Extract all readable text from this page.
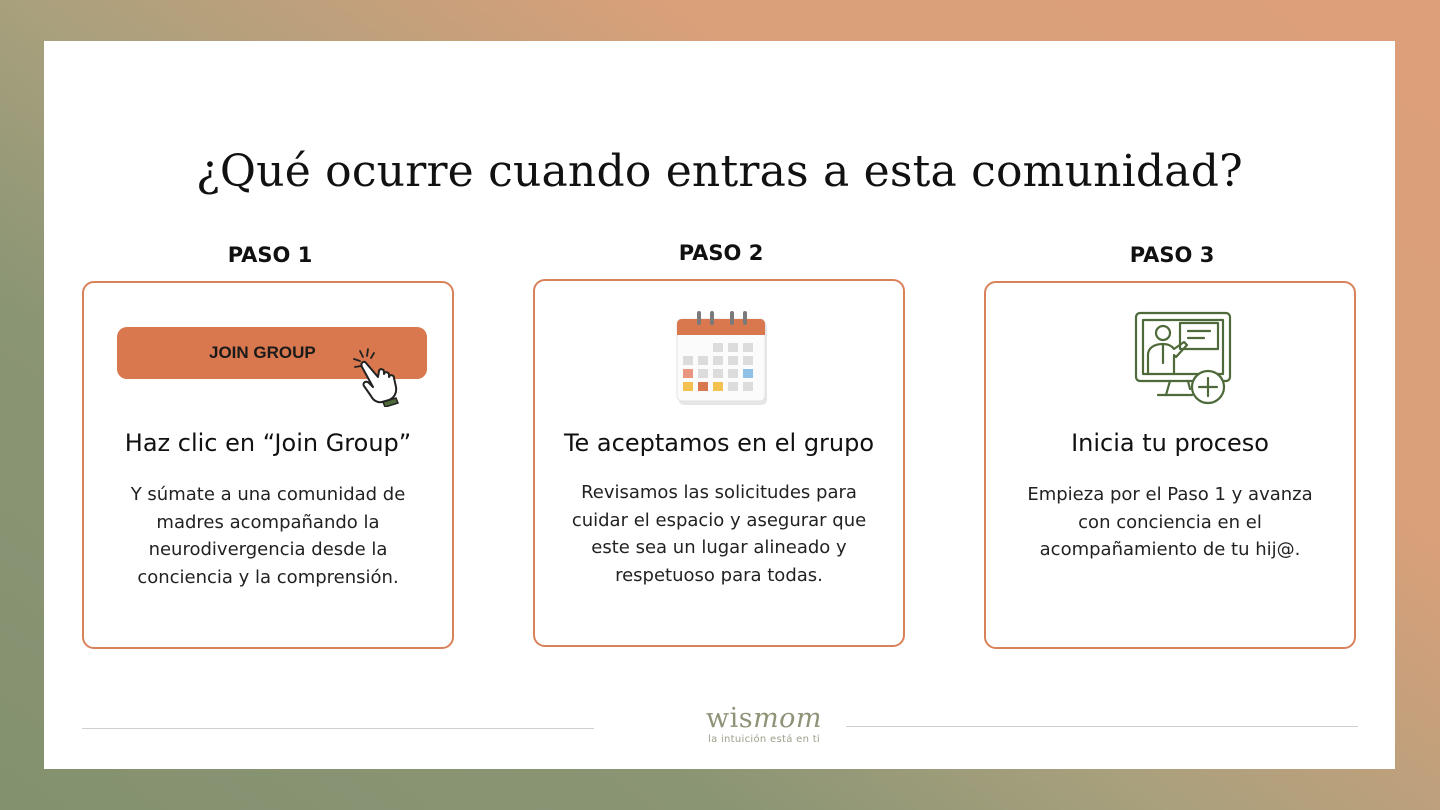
¿Qué ocurre cuando entras a esta comunidad?
PASO 1
JOIN GROUP
Haz clic en “Join Group”
Y súmate a una comunidad de madres acompañando la neurodivergencia desde la conciencia y la comprensión.
PASO 2
Te aceptamos en el grupo
Revisamos las solicitudes para cuidar el espacio y asegurar que este sea un lugar alineado y respetuoso para todas.
PASO 3
Inicia tu proceso
Empieza por el Paso 1 y avanza con conciencia en el acompañamiento de tu hij@.
wismom
la intuición está en ti
